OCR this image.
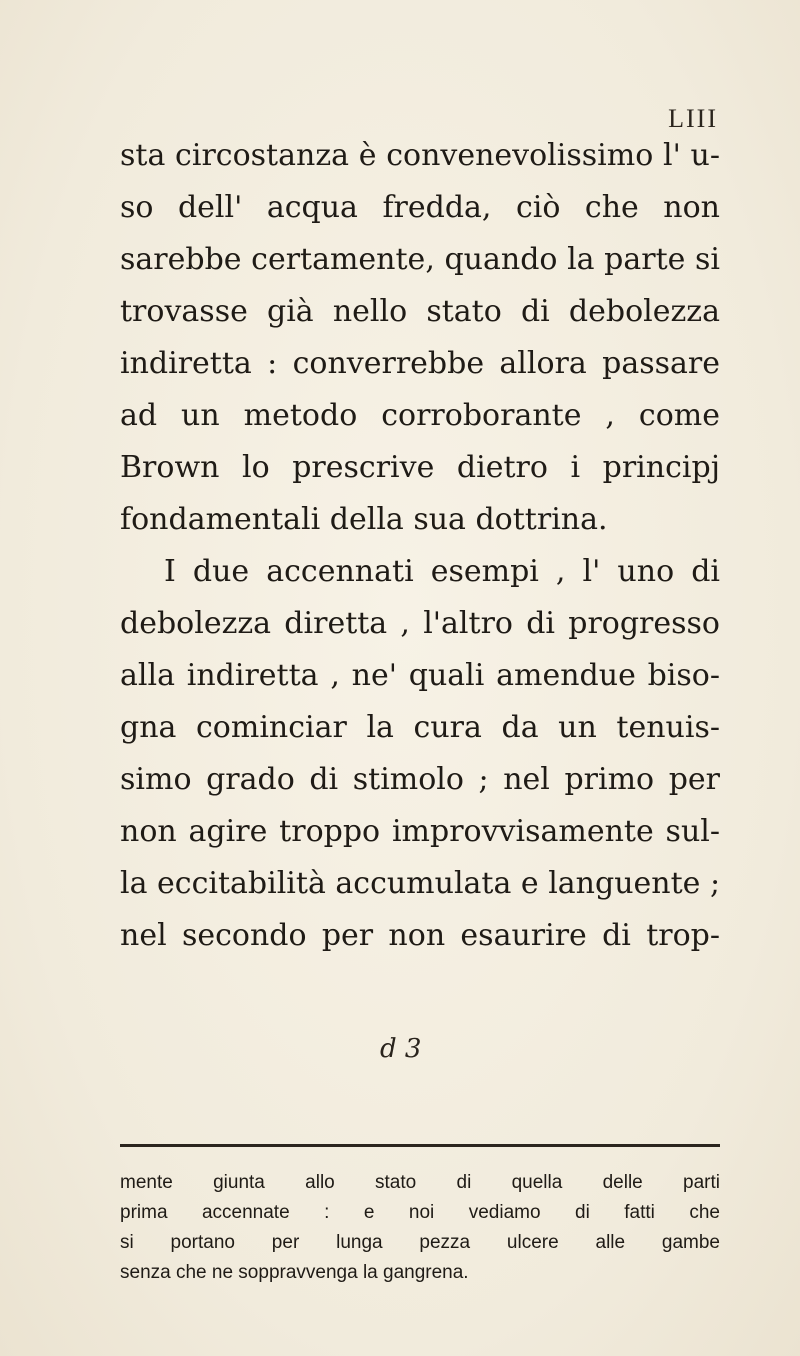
LIII
sta circostanza è convenevolissimo l' u-
so dell' acqua fredda, ciò che non
sarebbe certamente, quando la parte si
trovasse già nello stato di debolezza
indiretta : converrebbe allora passare
ad un metodo corroborante , come
Brown lo prescrive dietro i principj
fondamentali della sua dottrina.
I due accennati esempi , l' uno di
debolezza diretta , l'altro di progresso
alla indiretta , ne' quali amendue biso-
gna cominciar la cura da un tenuis-
simo grado di stimolo ; nel primo per
non agire troppo improvvisamente sul-
la eccitabilità accumulata e languente ;
nel secondo per non esaurire di trop-
d 3
mente giunta allo stato di quella delle parti
prima accennate : e noi vediamo di fatti che
si portano per lunga pezza ulcere alle gambe
senza che ne soppravvenga la gangrena.
